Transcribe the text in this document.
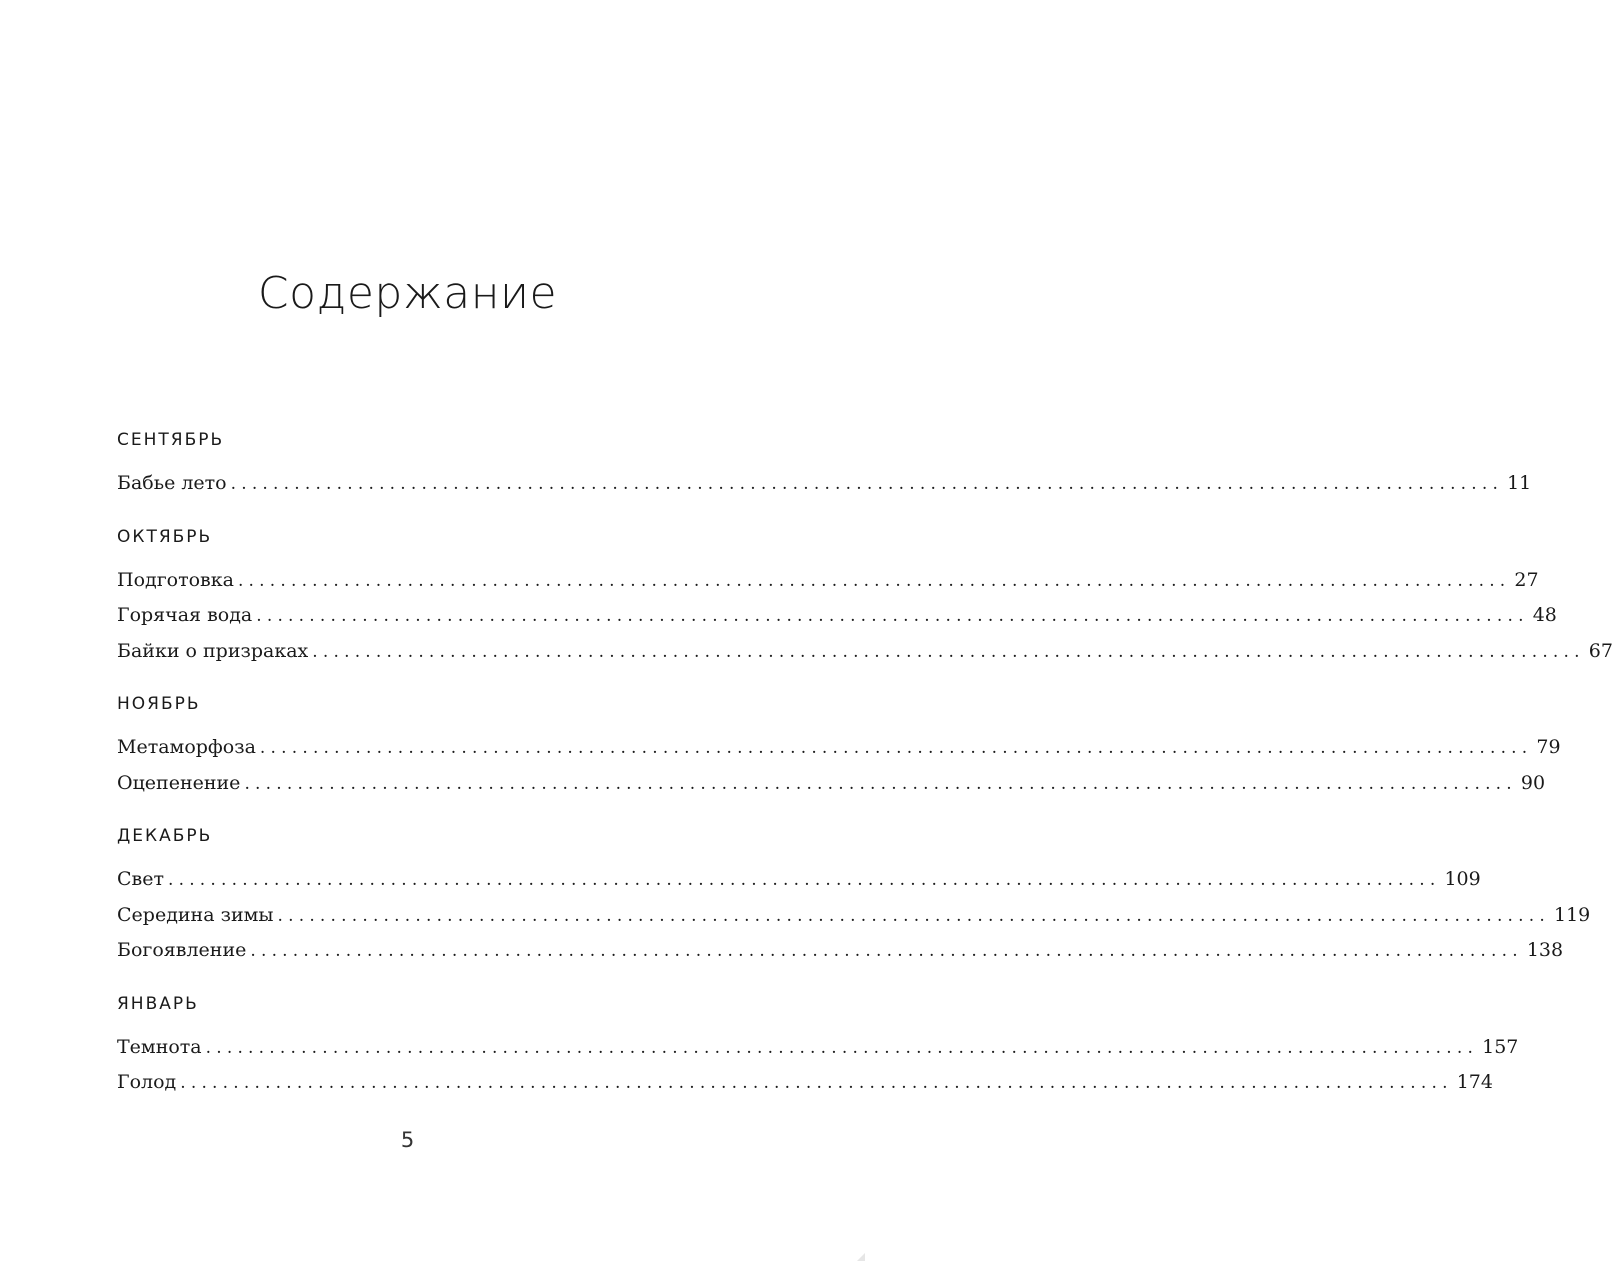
Содержание
СЕНТЯБРЬ
Бабье лето ........................................................................................................................ 11
ОКТЯБРЬ
Подготовка ........................................................................................................................ 27
Горячая вода ........................................................................................................................ 48
Байки о призраках ........................................................................................................................ 67
НОЯБРЬ
Метаморфоза ........................................................................................................................ 79
Оцепенение ........................................................................................................................ 90
ДЕКАБРЬ
Свет ........................................................................................................................ 109
Середина зимы ........................................................................................................................ 119
Богоявление ........................................................................................................................ 138
ЯНВАРЬ
Темнота ........................................................................................................................ 157
Голод ........................................................................................................................ 174
5
